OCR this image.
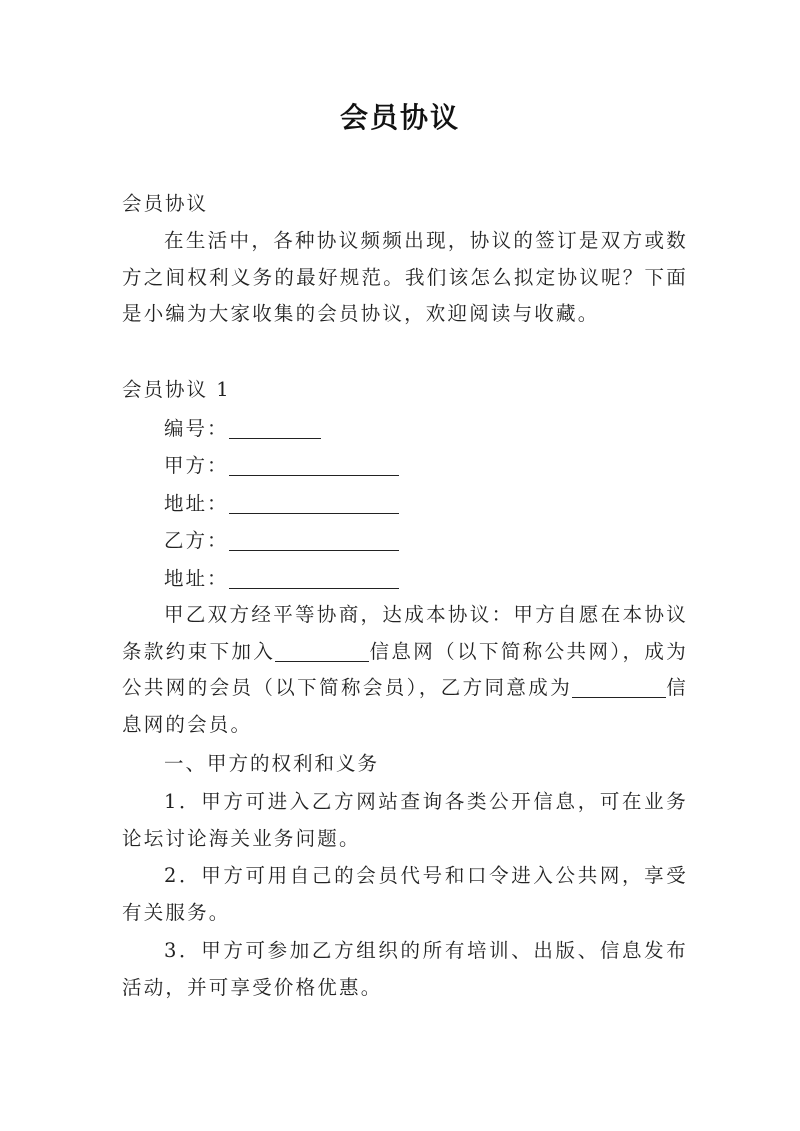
会员协议
会员协议
在生活中，各种协议频频出现，协议的签订是双方或数方之间权利义务的最好规范。我们该怎么拟定协议呢？下面是小编为大家收集的会员协议，欢迎阅读与收藏。
会员协议 1
编号：
甲方：
地址：
乙方：
地址：
甲乙双方经平等协商，达成本协议：甲方自愿在本协议条款约束下加入	信息网（以下简称公共网），成为公共网的会员（以下简称会员），乙方同意成为	信息网的会员。
一、甲方的权利和义务
1．甲方可进入乙方网站查询各类公开信息，可在业务论坛讨论海关业务问题。
2．甲方可用自己的会员代号和口令进入公共网，享受有关服务。
3．甲方可参加乙方组织的所有培训、出版、信息发布活动，并可享受价格优惠。
